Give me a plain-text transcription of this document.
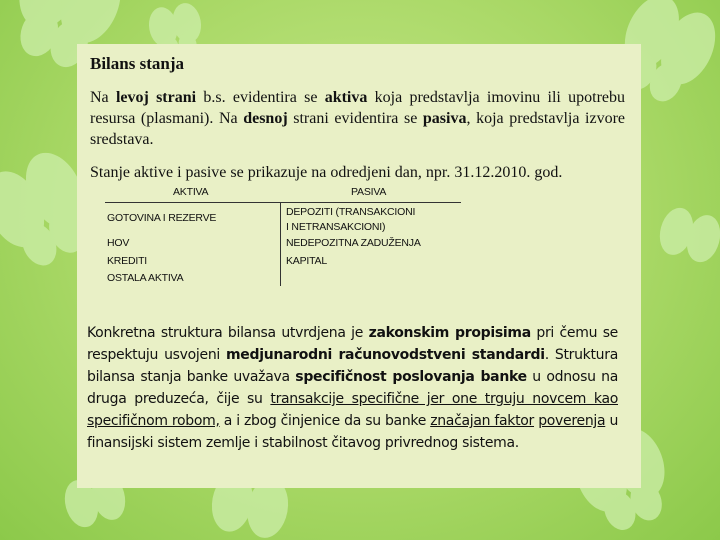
Bilans stanja
Na levoj strani b.s. evidentira se aktiva koja predstavlja imovinu ili upotrebu resursa (plasmani). Na desnoj strani evidentira se pasiva, koja predstavlja izvore sredstava.
Stanje aktive i pasive se prikazuje na odredjeni dan, npr. 31.12.2010. god.
AKTIVA	PASIVA
GOTOVINA I REZERVE
HOV
KREDITI
OSTALA AKTIVA
DEPOZITI (TRANSAKCIONI
I NETRANSAKCIONI)
NEDEPOZITNA ZADUŽENJA
KAPITAL
Konkretna struktura bilansa utvrdjena je zakonskim propisima pri čemu se respektuju usvojeni medjunarodni računovodstveni standardi. Struktura bilansa stanja banke uvažava specifičnost poslovanja banke u odnosu na druga preduzeća, čije su transakcije specifične jer one trguju novcem kao specifičnom robom, a i zbog činjenice da su banke značajan faktor poverenja u finansijski sistem zemlje i stabilnost čitavog privrednog sistema.
